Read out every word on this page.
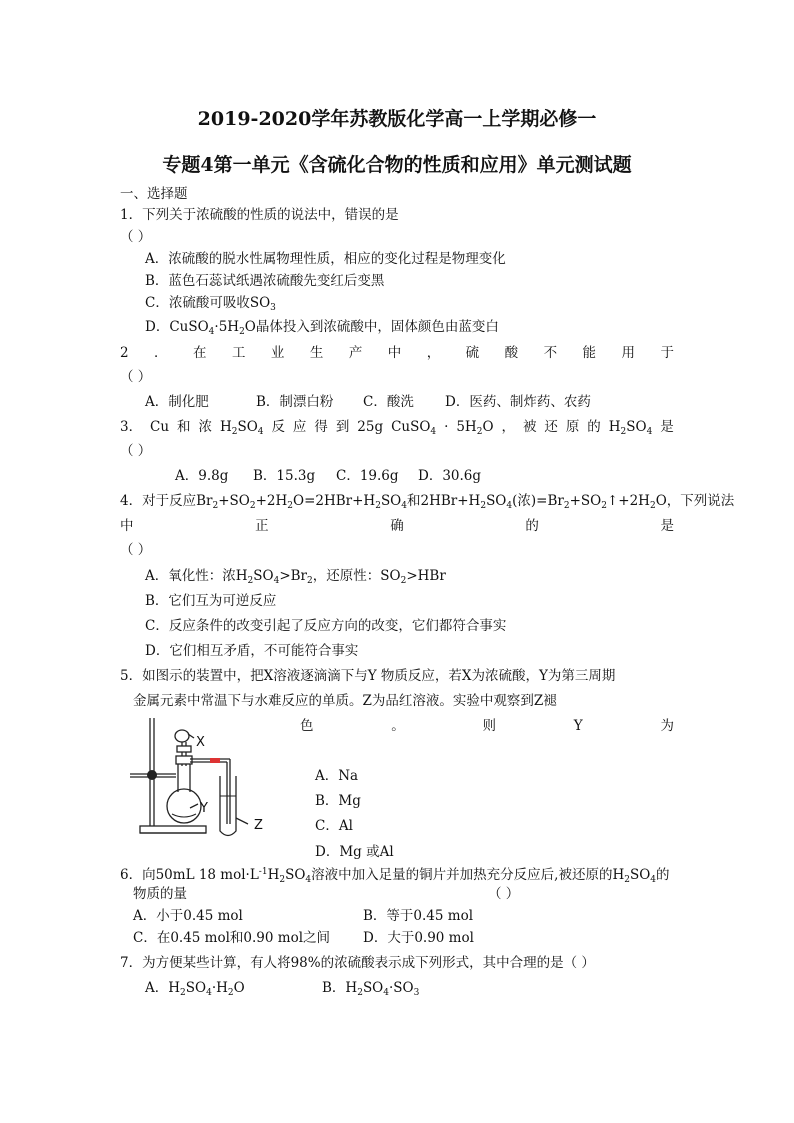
2019-2020学年苏教版化学高一上学期必修一
专题4第一单元《含硫化合物的性质和应用》单元测试题
一、选择题
1．下列关于浓硫酸的性质的说法中，错误的是
（ ）
A．浓硫酸的脱水性属物理性质，相应的变化过程是物理变化
B．蓝色石蕊试纸遇浓硫酸先变红后变黑
C．浓硫酸可吸收$SO_3$
D．$CuSO_4\cdot 5H_2O$晶体投入到浓硫酸中，固体颜色由蓝变白
2 ． 在 工 业 生 产 中 ， 硫 酸 不 能 用 于
（ ）
A．制化肥	B．制漂白粉 C．酸洗 D．医药、制炸药、农药
3． Cu 和 浓 $H_2SO_4$ 反 应 得 到 25g CuSO$_4$ · $5H_2O$ ， 被 还 原 的 $H_2SO_4$ 是
（ ）
A．9.8g B．15.3g C．19.6g D．30.6g
4．对于反应$Br_2+SO_2+2H_2O=2HBr+H_2SO_4$和$2HBr+H_2SO_4$(浓)$=Br_2+SO_2↑+2H_2O$，下列说法
中	正	确	的	是
（ ）
A．氧化性：浓$H_2SO_4>Br_2$，还原性：$SO_2>HBr$
B．它们互为可逆反应
C．反应条件的改变引起了反应方向的改变，它们都符合事实
D．它们相互矛盾，不可能符合事实
5．如图示的装置中，把X溶液逐滴滴下与Y 物质反应，若X为浓硫酸，Y为第三周期
金属元素中常温下与水难反应的单质。Z为品红溶液。实验中观察到Z褪
色	。	则	Y	为
X
Y
Z
A．Na
B．Mg
C．Al
D．Mg 或Al
6．向50mL 18 $mol\cdot L^{-1}H_2SO_4$溶液中加入足量的铜片并加热充分反应后,被还原的$H_2SO_4$的
物质的量	（ ）
A．小于0.45 mol	B．等于0.45 mol
C．在0.45 mol和0.90 mol之间 D．大于0.90 mol
7．为方便某些计算，有人将98%的浓硫酸表示成下列形式，其中合理的是（ ）
A．$H_2SO_4\cdot H_2O$	B．$H_2SO_4\cdot SO_3$
